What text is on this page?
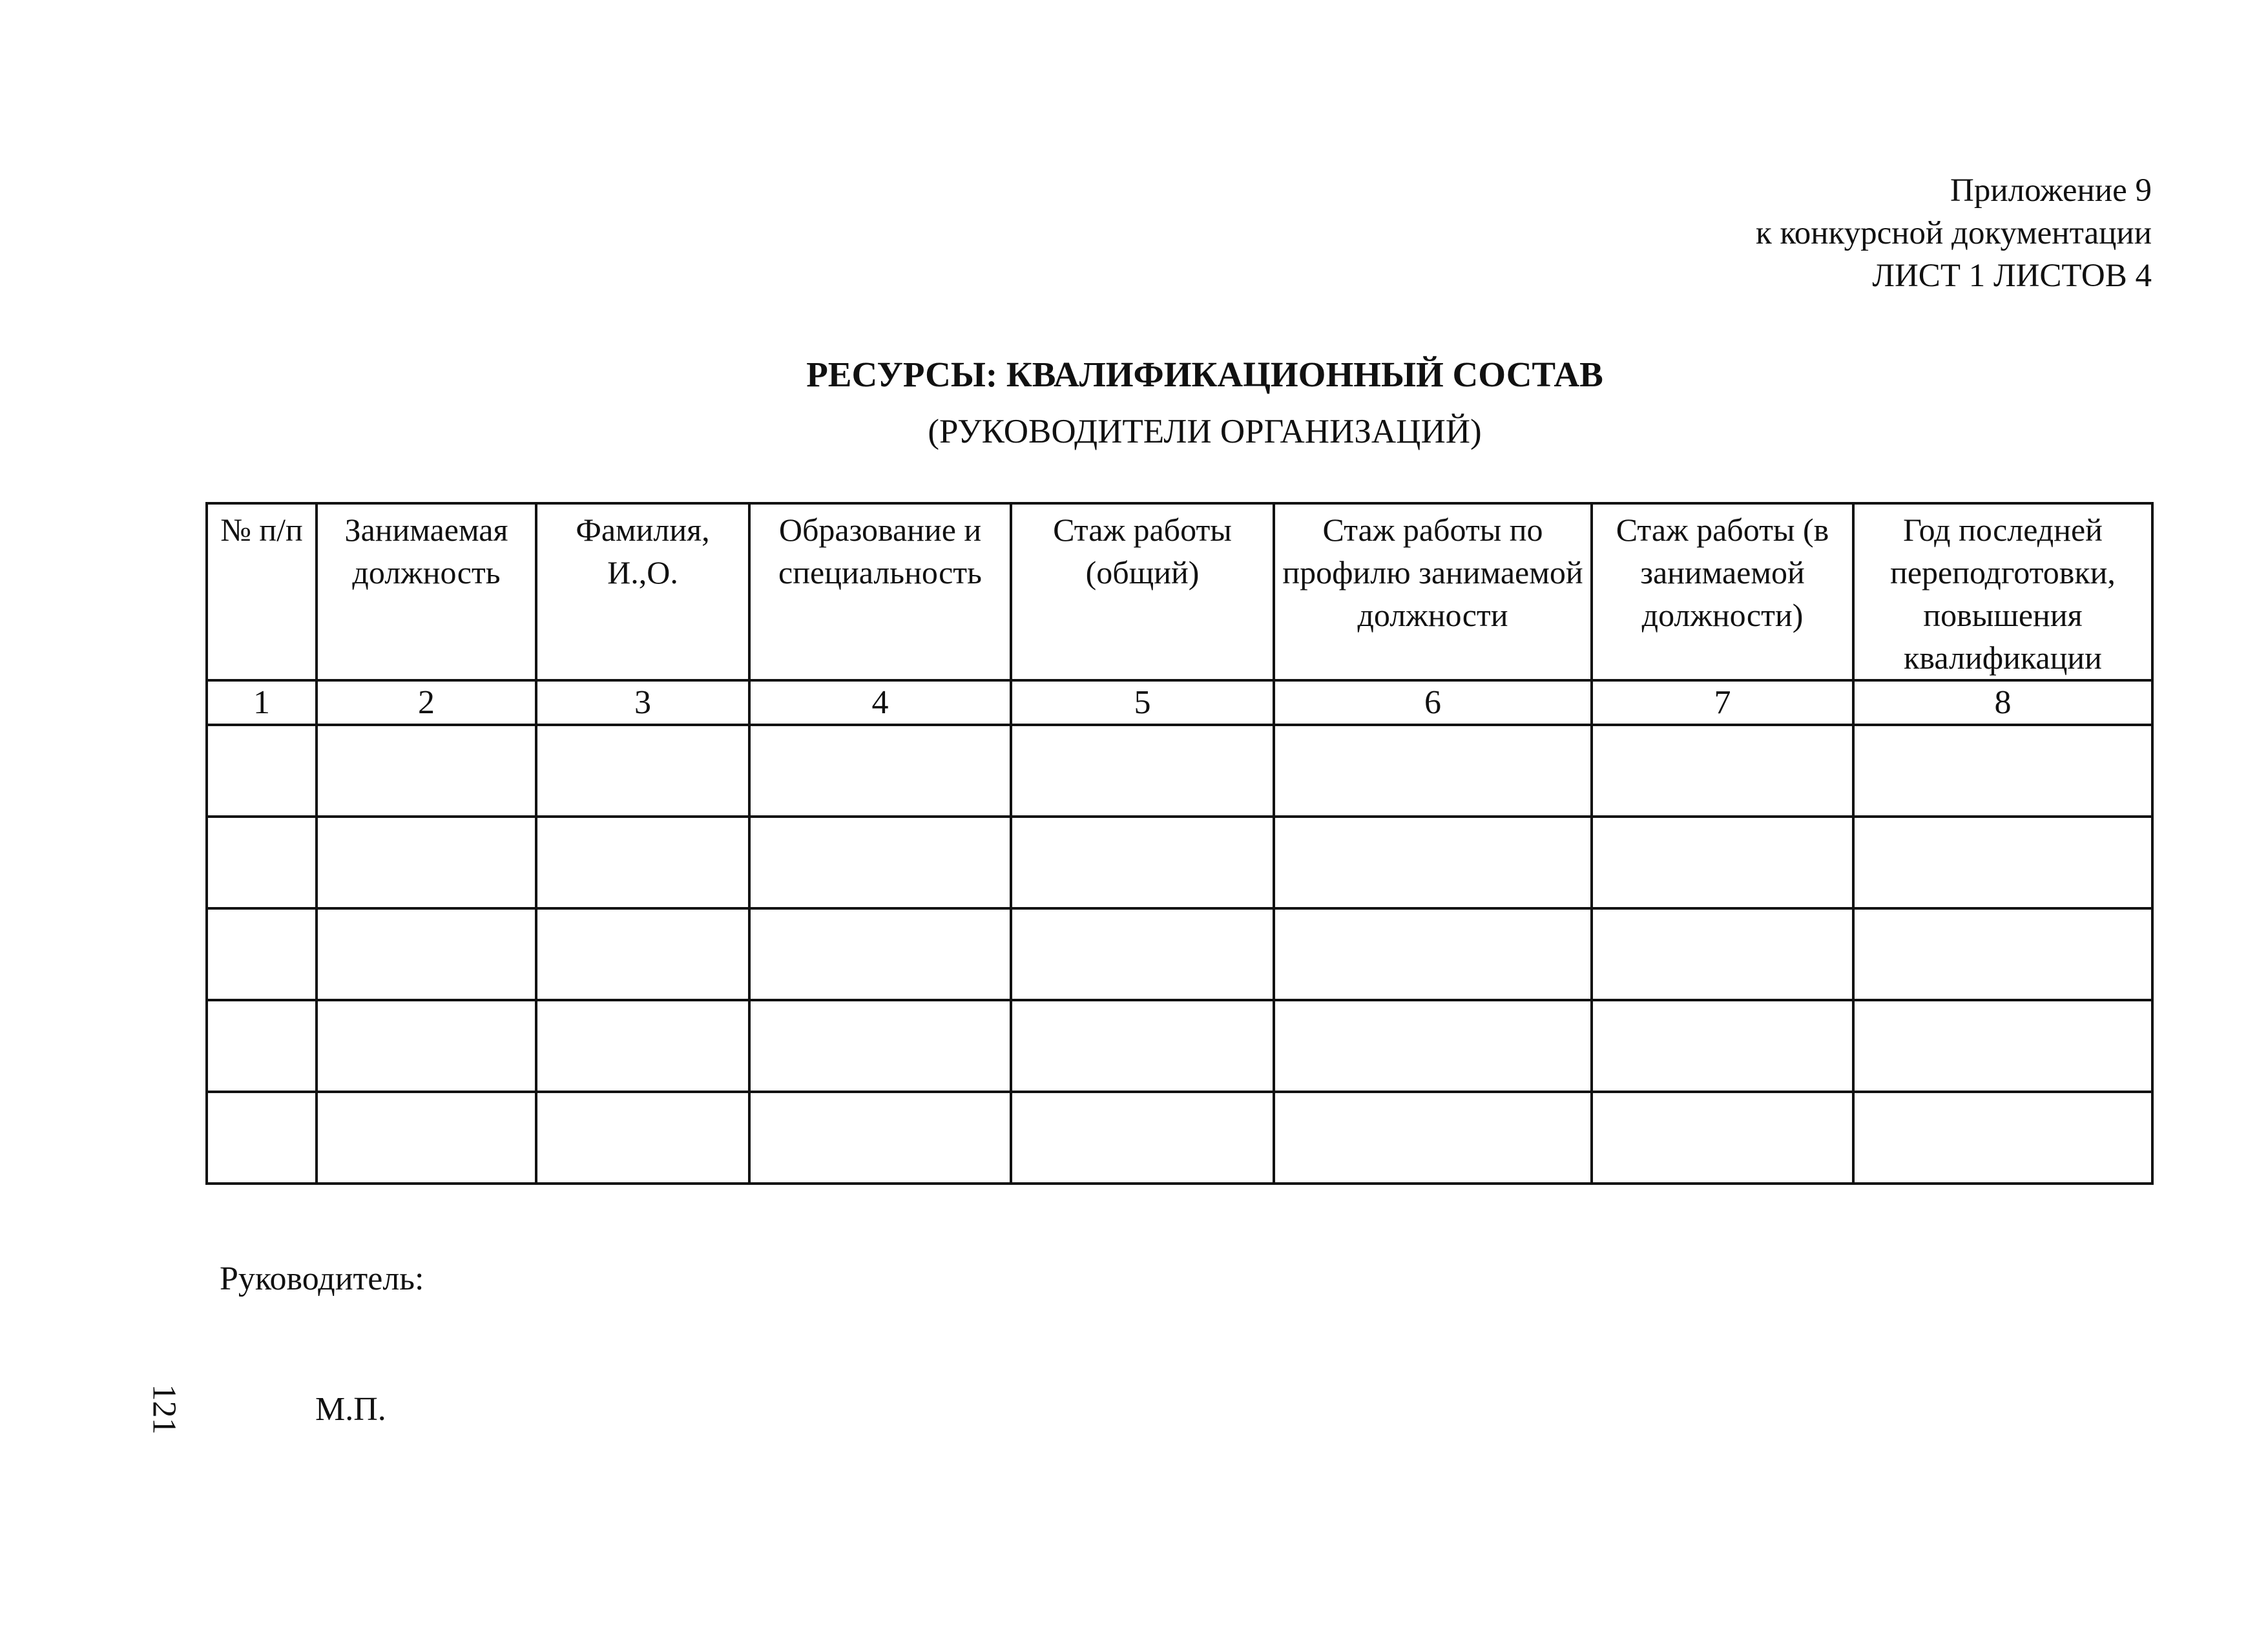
Приложение 9
к конкурсной документации
ЛИСТ 1 ЛИСТОВ 4
РЕСУРСЫ: КВАЛИФИКАЦИОННЫЙ СОСТАВ
(РУКОВОДИТЕЛИ ОРГАНИЗАЦИЙ)
№ п/п	Занимаемая должность	Фамилия, И.,О.	Образование и специальность	Стаж работы (общий)	Стаж работы по профилю занимаемой должности	Стаж работы (в занимаемой должности)	Год последней переподготовки, повышения квалификации
1	2	3	4	5	6	7	8

Руководитель:
121	М.П.
